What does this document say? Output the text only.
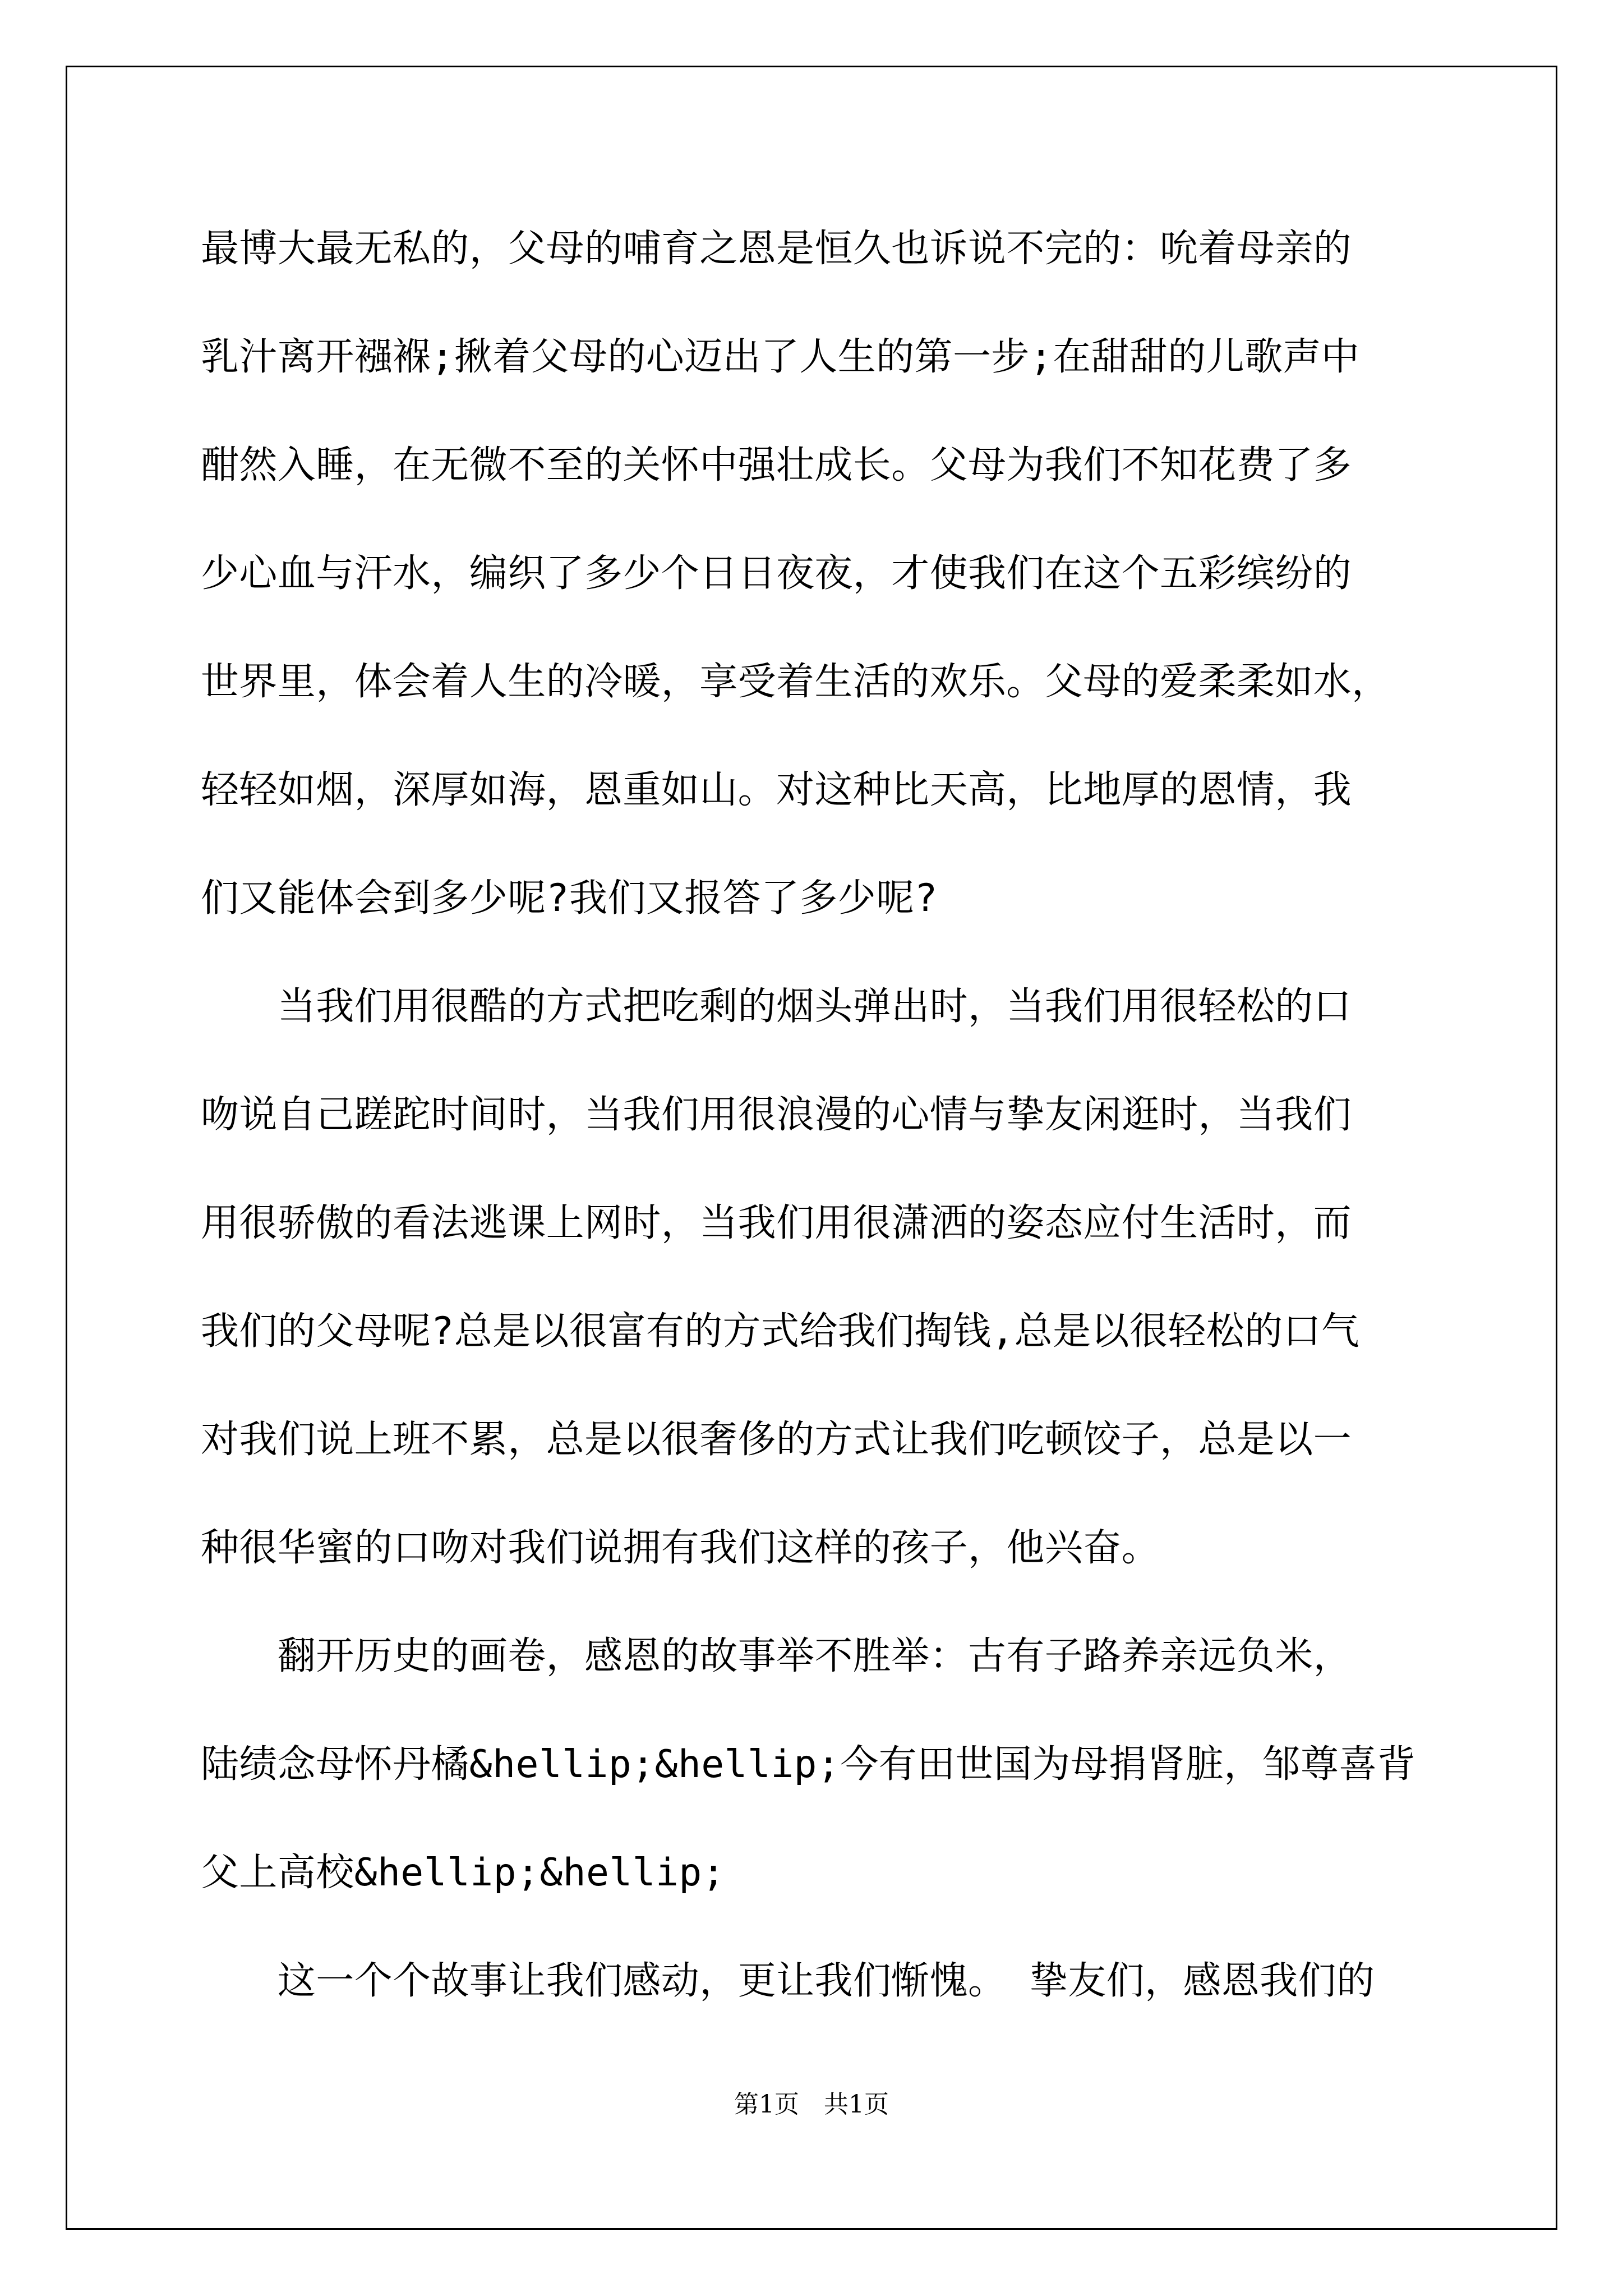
最博大最无私的，父母的哺育之恩是恒久也诉说不完的：吮着母亲的
乳汁离开襁褓;揪着父母的心迈出了人生的第一步;在甜甜的儿歌声中
酣然入睡，在无微不至的关怀中强壮成长。父母为我们不知花费了多
少心血与汗水，编织了多少个日日夜夜，才使我们在这个五彩缤纷的
世界里，体会着人生的冷暖，享受着生活的欢乐。父母的爱柔柔如水，
轻轻如烟，深厚如海，恩重如山。对这种比天高，比地厚的恩情，我
们又能体会到多少呢?我们又报答了多少呢?
　　当我们用很酷的方式把吃剩的烟头弹出时，当我们用很轻松的口
吻说自己蹉跎时间时，当我们用很浪漫的心情与挚友闲逛时，当我们
用很骄傲的看法逃课上网时，当我们用很潇洒的姿态应付生活时，而
我们的父母呢?总是以很富有的方式给我们掏钱,总是以很轻松的口气
对我们说上班不累，总是以很奢侈的方式让我们吃顿饺子，总是以一
种很华蜜的口吻对我们说拥有我们这样的孩子，他兴奋。
　　翻开历史的画卷，感恩的故事举不胜举：古有子路养亲远负米，
陆绩念母怀丹橘&hellip;&hellip;今有田世国为母捐肾脏，邹尊喜背
父上高校&hellip;&hellip;
　　这一个个故事让我们感动，更让我们惭愧。 挚友们，感恩我们的
第1页　共1页
